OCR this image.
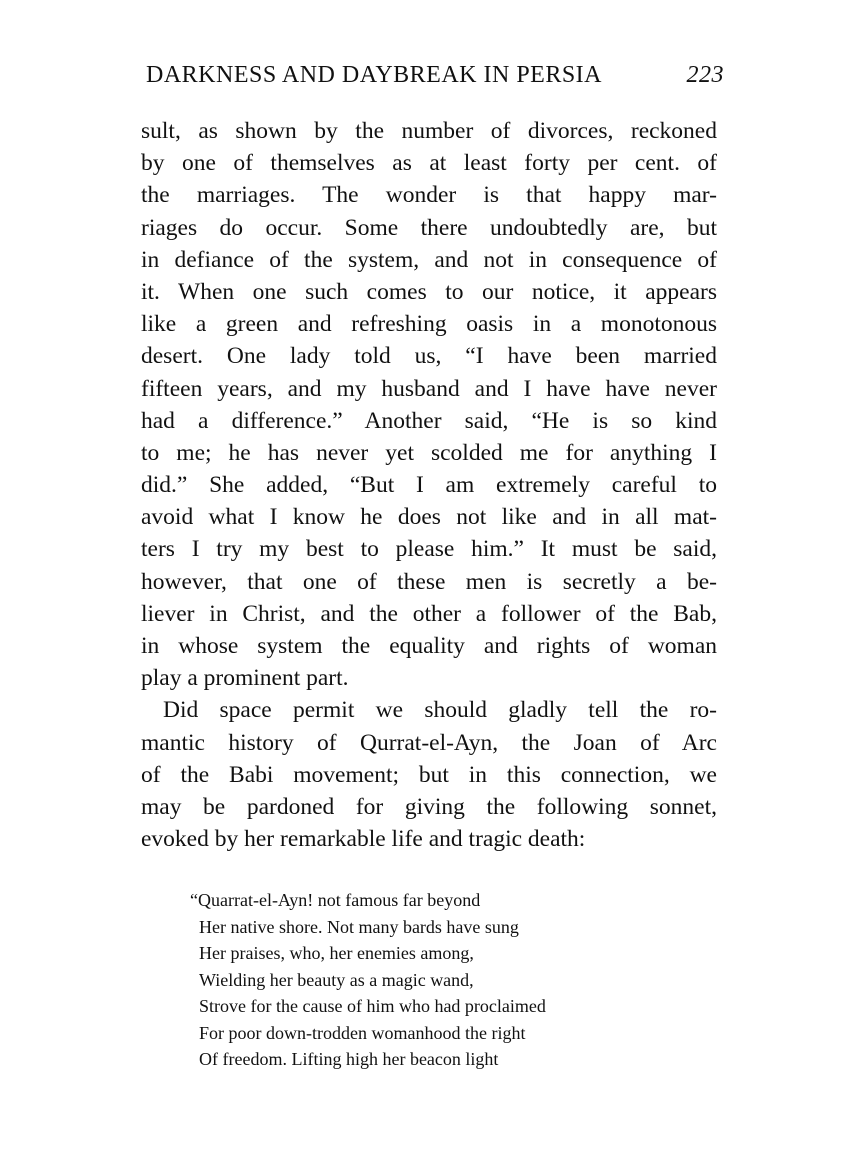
DARKNESS AND DAYBREAK IN PERSIA	223
sult, as shown by the number of divorces, reckoned
by one of themselves as at least forty per cent. of
the marriages. The wonder is that happy mar-
riages do occur. Some there undoubtedly are, but
in defiance of the system, and not in consequence of
it. When one such comes to our notice, it appears
like a green and refreshing oasis in a monotonous
desert. One lady told us, “I have been married
fifteen years, and my husband and I have have never
had a difference.” Another said, “He is so kind
to me; he has never yet scolded me for anything I
did.” She added, “But I am extremely careful to
avoid what I know he does not like and in all mat-
ters I try my best to please him.” It must be said,
however, that one of these men is secretly a be-
liever in Christ, and the other a follower of the Bab,
in whose system the equality and rights of woman
play a prominent part.
Did space permit we should gladly tell the ro-
mantic history of Qurrat-el-Ayn, the Joan of Arc
of the Babi movement; but in this connection, we
may be pardoned for giving the following sonnet,
evoked by her remarkable life and tragic death:
“Quarrat-el-Ayn! not famous far beyond
Her native shore. Not many bards have sung
Her praises, who, her enemies among,
Wielding her beauty as a magic wand,
Strove for the cause of him who had proclaimed
For poor down-trodden womanhood the right
Of freedom. Lifting high her beacon light
